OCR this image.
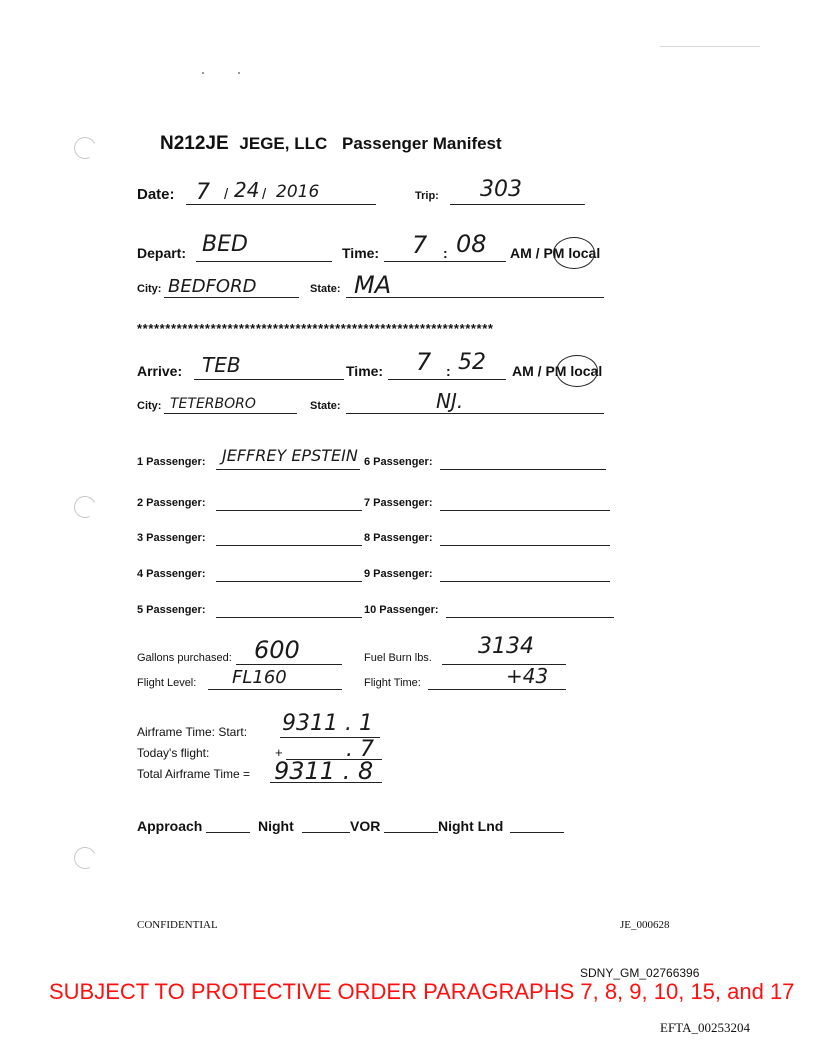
N212JE JEGE, LLC Passenger Manifest
Date: 7 / 24 / 2016	Trip: 303
Depart: BED	Time: 7 : 08 AM / PM local
City: BEDFORD	State: MA
***************************************************************
Arrive: TEB	Time: 7 : 52 AM / PM local
City: TETERBORO	State:	NJ.
1 Passenger: JEFFREY EPSTEIN
2 Passenger:
3 Passenger:
4 Passenger:
5 Passenger:
6 Passenger:
7 Passenger:
8 Passenger:
9 Passenger:
10 Passenger:
Gallons purchased: 600	Fuel Burn lbs. 3134
Flight Level: FL160	Flight Time:	+43
Airframe Time: Start: 9311 . 1
Today's flight:	+	. 7
Total Airframe Time = 9311 . 8
Approach	Night	VOR	Night Lnd
CONFIDENTIAL	JE_000628
SDNY_GM_02766396
SUBJECT TO PROTECTIVE ORDER PARAGRAPHS 7, 8, 9, 10, 15, and 17
EFTA_00253204
